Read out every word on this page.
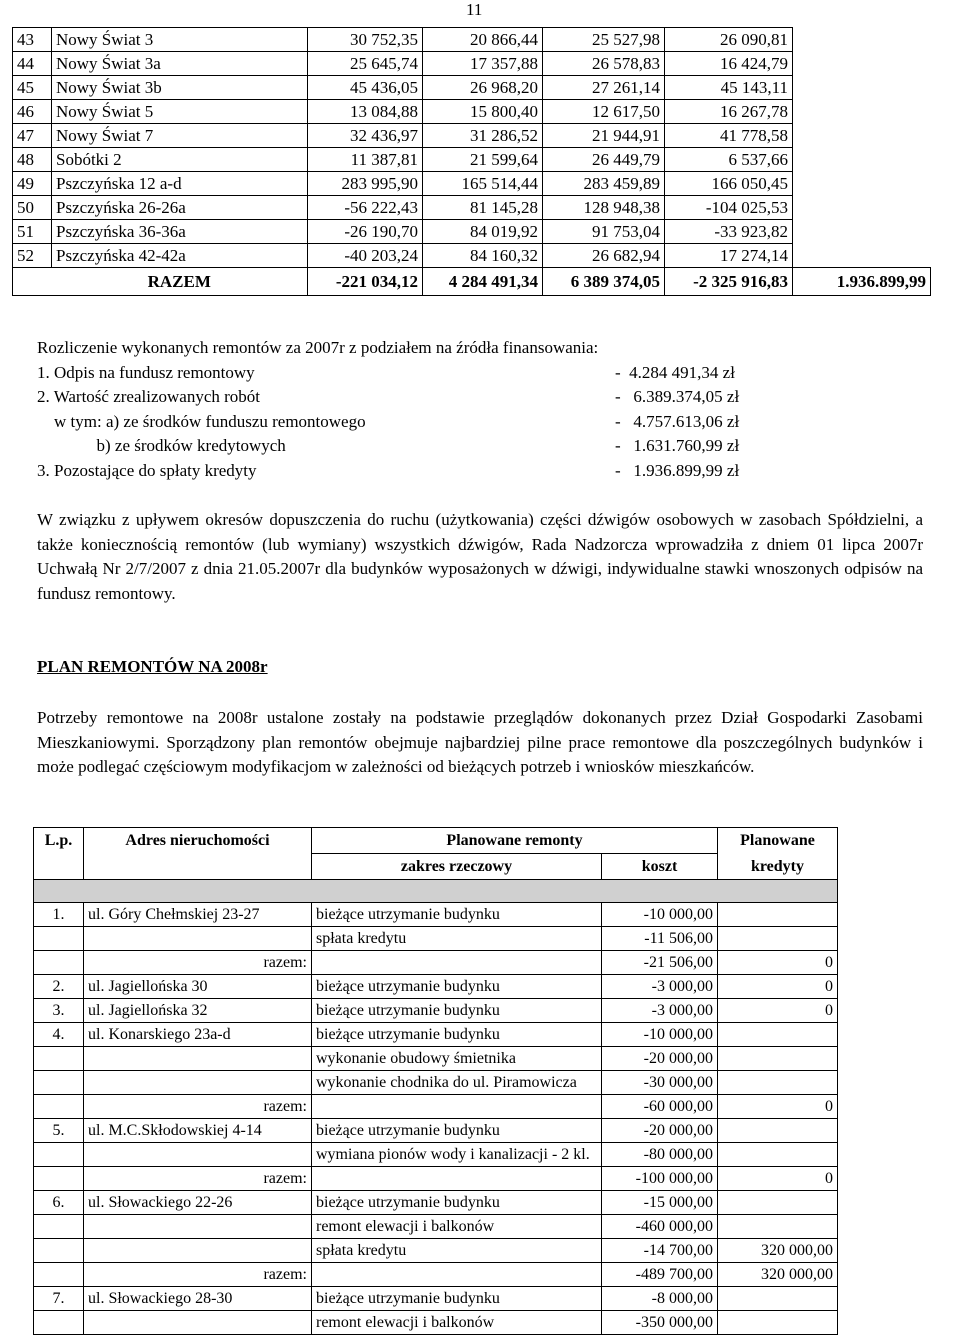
11
43	Nowy Świat 3	30 752,35	20 866,44	25 527,98	26 090,81	
44	Nowy Świat 3a	25 645,74	17 357,88	26 578,83	16 424,79	
45	Nowy Świat 3b	45 436,05	26 968,20	27 261,14	45 143,11	
46	Nowy Świat 5	13 084,88	15 800,40	12 617,50	16 267,78	
47	Nowy Świat 7	32 436,97	31 286,52	21 944,91	41 778,58	
48	Sobótki 2	11 387,81	21 599,64	26 449,79	6 537,66	
49	Pszczyńska 12 a-d	283 995,90	165 514,44	283 459,89	166 050,45	
50	Pszczyńska 26-26a	-56 222,43	81 145,28	128 948,38	-104 025,53	
51	Pszczyńska 36-36a	-26 190,70	84 019,92	91 753,04	-33 923,82	
52	Pszczyńska 42-42a	-40 203,24	84 160,32	26 682,94	17 274,14	
	RAZEM	-221 034,12	4 284 491,34	6 389 374,05	-2 325 916,83	1.936.899,99
Rozliczenie wykonanych remontów za 2007r z podziałem na źródła finansowania:
1. Odpis na fundusz remontowy	-  4.284 491,34 zł
2. Wartość zrealizowanych robót	-   6.389.374,05 zł
w tym: a) ze środków funduszu remontowego	-   4.757.613,06 zł
b) ze środków kredytowych	-   1.631.760,99 zł
3. Pozostające do spłaty kredyty	-   1.936.899,99 zł
W związku z upływem okresów dopuszczenia do ruchu (użytkowania) części dźwigów osobowych w zasobach Spółdzielni, a także koniecznością remontów (lub wymiany) wszystkich dźwigów, Rada Nadzorcza wprowadziła z dniem 01 lipca 2007r Uchwałą Nr 2/7/2007 z dnia 21.05.2007r dla budynków wyposażonych w dźwigi, indywidualne stawki wnoszonych odpisów na fundusz remontowy.
PLAN REMONTÓW NA 2008r
Potrzeby remontowe na 2008r ustalone zostały na podstawie przeglądów dokonanych przez Dział Gospodarki Zasobami Mieszkaniowymi. Sporządzony plan remontów obejmuje najbardziej pilne prace remontowe dla poszczególnych budynków i może podlegać częściowym modyfikacjom w zależności od bieżących potrzeb i wniosków mieszkańców.
L.p.	Adres nieruchomości	Planowane remonty		Planowane
		zakres rzeczowy	koszt	kredyty

1.	ul. Góry Chełmskiej 23-27	bieżące utrzymanie budynku	-10 000,00	
		spłata kredytu	-11 506,00	
	razem:		-21 506,00	0
2.	ul. Jagiellońska 30	bieżące utrzymanie budynku	-3 000,00	0
3.	ul. Jagiellońska 32	bieżące utrzymanie budynku	-3 000,00	0
4.	ul. Konarskiego 23a-d	bieżące utrzymanie budynku	-10 000,00	
		wykonanie obudowy śmietnika	-20 000,00	
		wykonanie chodnika do ul. Piramowicza	-30 000,00	
	razem:		-60 000,00	0
5.	ul. M.C.Skłodowskiej 4-14	bieżące utrzymanie budynku	-20 000,00	
		wymiana pionów wody i kanalizacji - 2 kl.	-80 000,00	
	razem:		-100 000,00	0
6.	ul. Słowackiego 22-26	bieżące utrzymanie budynku	-15 000,00	
		remont elewacji i balkonów	-460 000,00	
		spłata kredytu	-14 700,00	320 000,00
	razem:		-489 700,00	320 000,00
7.	ul. Słowackiego 28-30	bieżące utrzymanie budynku	-8 000,00	
		remont elewacji i balkonów	-350 000,00	
